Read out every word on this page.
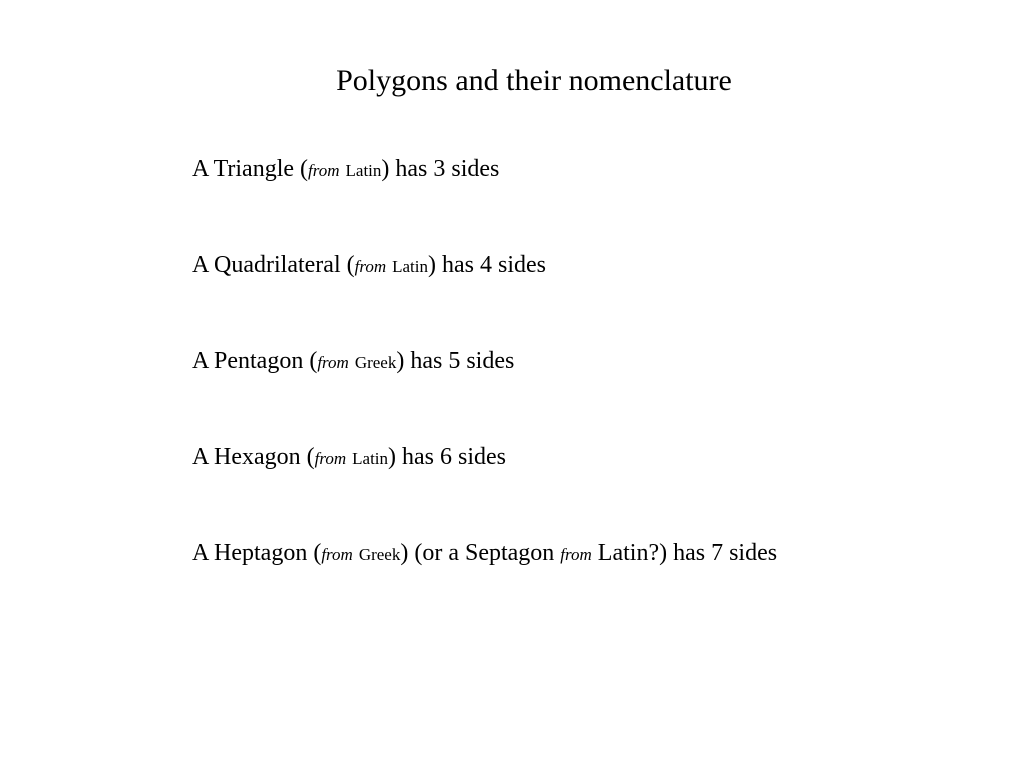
Polygons and their nomenclature
A Triangle (from Latin) has 3 sides
A Quadrilateral (from Latin) has 4 sides
A Pentagon (from Greek) has 5 sides
A Hexagon (from Latin) has 6 sides
A Heptagon (from Greek) (or a Septagon from Latin?) has 7 sides
